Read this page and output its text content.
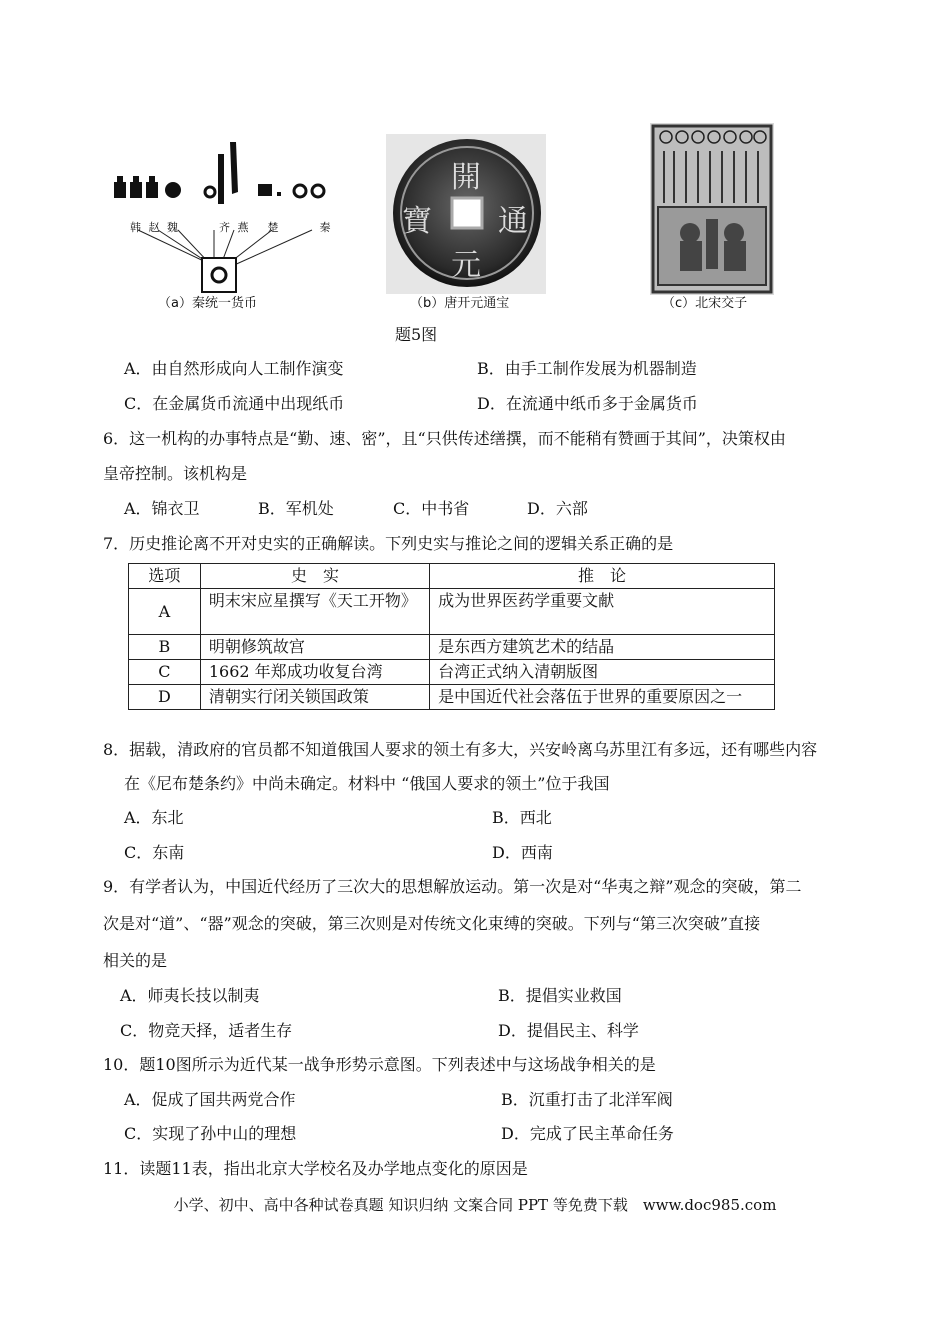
韩 赵 魏	齐 燕 楚	秦
（a）秦统一货币
開
通
元
寶
（b）唐开元通宝	（c）北宋交子
题5图
A．由自然形成向人工制作演变	B．由手工制作发展为机器制造
C．在金属货币流通中出现纸币	D．在流通中纸币多于金属货币
6．这一机构的办事特点是“勤、速、密”，且“只供传述缮撰，而不能稍有赞画于其间”，决策权由
皇帝控制。该机构是
A．锦衣卫	B．军机处	C．中书省	D．六部
7．历史推论离不开对史实的正确解读。下列史实与推论之间的逻辑关系正确的是
选项	史　实	推　论
A	明末宋应星撰写《天工开物》	成为世界医药学重要文献
B	明朝修筑故宫	是东西方建筑艺术的结晶
C	1662 年郑成功收复台湾	台湾正式纳入清朝版图
D	清朝实行闭关锁国政策	是中国近代社会落伍于世界的重要原因之一
8．据载，清政府的官员都不知道俄国人要求的领土有多大，兴安岭离乌苏里江有多远，还有哪些内容
在《尼布楚条约》中尚未确定。材料中 “俄国人要求的领土”位于我国
A．东北	B．西北
C．东南	D．西南
9．有学者认为，中国近代经历了三次大的思想解放运动。第一次是对“华夷之辩”观念的突破，第二
次是对“道”、“器”观念的突破，第三次则是对传统文化束缚的突破。下列与“第三次突破”直接
相关的是
A．师夷长技以制夷	B．提倡实业救国
C．物竞天择，适者生存	D．提倡民主、科学
10．题10图所示为近代某一战争形势示意图。下列表述中与这场战争相关的是
A．促成了国共两党合作	B．沉重打击了北洋军阀
C．实现了孙中山的理想	D．完成了民主革命任务
11．读题11表，指出北京大学校名及办学地点变化的原因是
小学、初中、高中各种试卷真题 知识归纳 文案合同 PPT 等免费下载　www.doc985.com
